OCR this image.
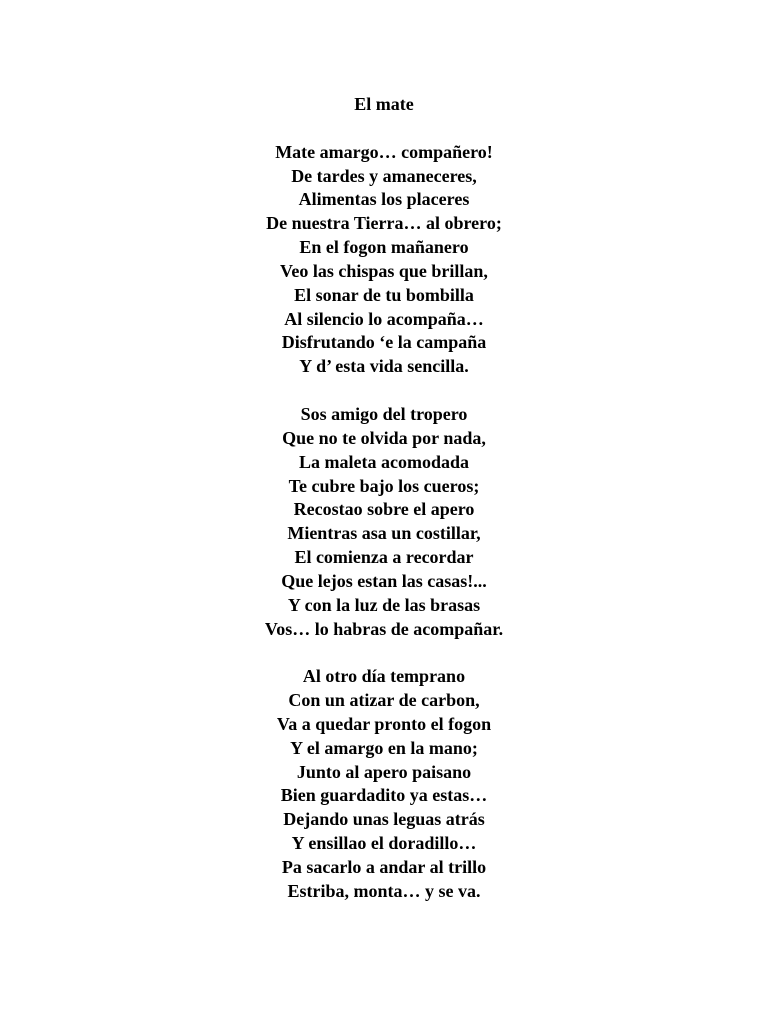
El mate
Mate amargo… compañero!
De tardes y amaneceres,
Alimentas los placeres
De nuestra Tierra… al obrero;
En el fogon mañanero
Veo las chispas que brillan,
El sonar de tu bombilla
Al silencio lo acompaña…
Disfrutando ‘e la campaña
Y d’ esta vida sencilla.
Sos amigo del tropero
Que no te olvida por nada,
La maleta acomodada
Te cubre bajo los cueros;
Recostao sobre el apero
Mientras asa un costillar,
El comienza a recordar
Que lejos estan las casas!...
Y con la luz de las brasas
Vos… lo habras de acompañar.
Al otro día temprano
Con un atizar de carbon,
Va a quedar pronto el fogon
Y el amargo en la mano;
Junto al apero paisano
Bien guardadito ya estas…
Dejando unas leguas atrás
Y ensillao el doradillo…
Pa sacarlo a andar al trillo
Estriba, monta… y se va.
